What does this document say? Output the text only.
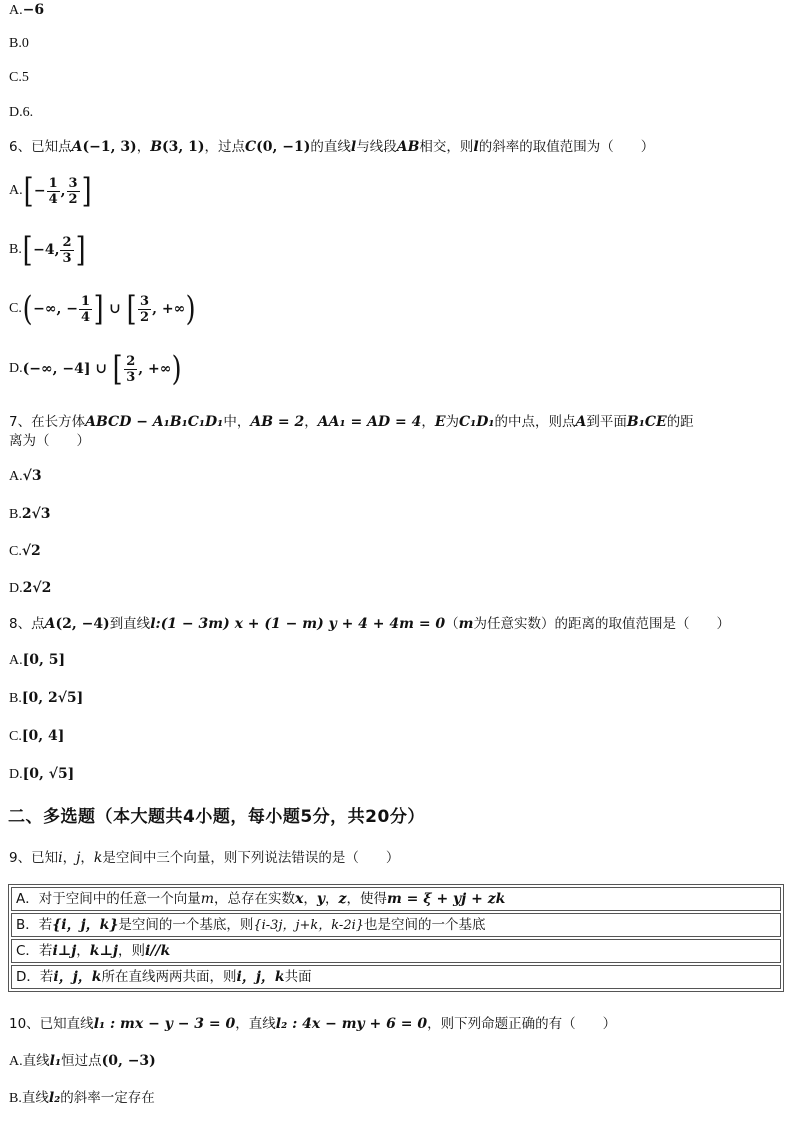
A.−6
B.0
C.5
D.6.
6、已知点A(−1, 3)，B(3, 1)，过点C(0, −1)的直线l与线段AB相交，则l的斜率的取值范围为（　　）
$A.[- \frac{1}{4}$ , $\frac{3}{2}$ ]
B.[−4, $\frac{2}{3}$ ]
C.(−∞, − $\frac{1}{4}$ ] ∪ [ $\frac{3}{2}$ , +∞)
D.(−∞, −4] ∪ [ $\frac{2}{3}$ , +∞)
7、在长方体ABCD − A₁B₁C₁D₁中，AB = 2，AA₁ = AD = 4，E为C₁D₁的中点，则点A到平面B₁CE的距
离为（　　）
A.√3
B.2√3
C.√2
D.2√2
8、点A(2, −4)到直线l:(1 − 3m) x + (1 − m) y + 4 + 4m = 0（m为任意实数）的距离的取值范围是（　　）
A.[0, 5]
B.[0, 2√5]
C.[0, 4]
D.[0, √5]
二、多选题（本大题共4小题，每小题5分，共20分）
9、已知i，j，k是空间中三个向量，则下列说法错误的是（　　）
A．对于空间中的任意一个向量m，总存在实数x，y，z，使得m = ξ + yj + zk
B．若{i，j，k}是空间的一个基底，则{i-3j，j+k，k-2i}也是空间的一个基底
C．若i⊥j，k⊥j，则i//k
D．若i，j，k所在直线两两共面，则i，j，k共面
10、已知直线l₁ : mx − y − 3 = 0，直线l₂ : 4x − my + 6 = 0，则下列命题正确的有（　　）
A.直线l₁恒过点(0, −3)
B.直线l₂的斜率一定存在
